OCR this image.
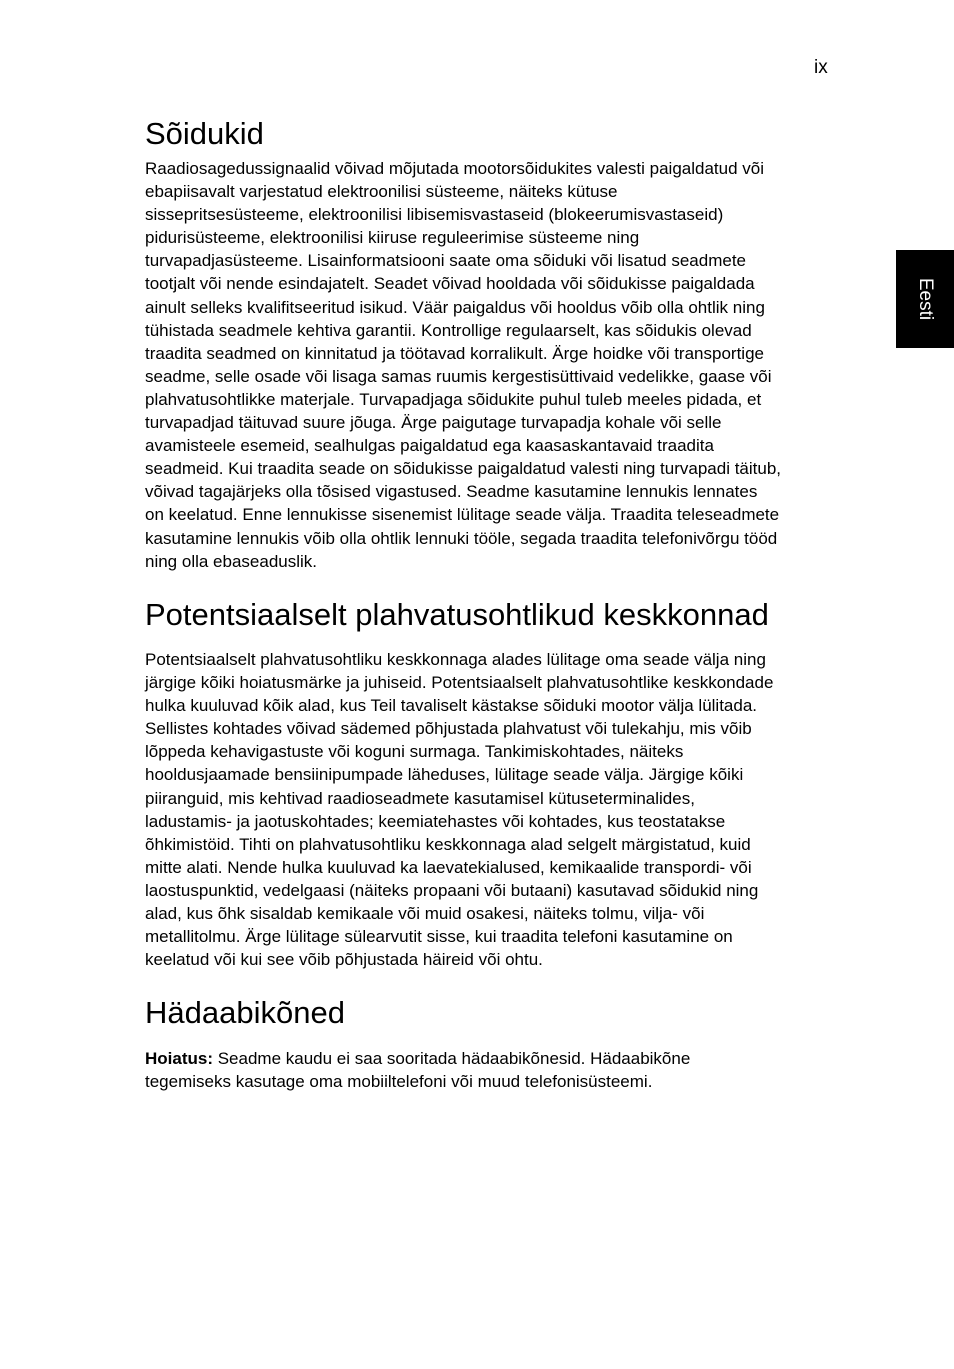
ix
Eesti
Sõidukid

Raadiosagedussignaalid võivad mõjutada mootorsõidukites valesti paigaldatud või
ebapiisavalt varjestatud elektroonilisi süsteeme, näiteks kütuse
sissepritsesüsteeme, elektroonilisi libisemisvastaseid (blokeerumisvastaseid)
pidurisüsteeme, elektroonilisi kiiruse reguleerimise süsteeme ning
turvapadjasüsteeme. Lisainformatsiooni saate oma sõiduki või lisatud seadmete
tootjalt või nende esindajatelt. Seadet võivad hooldada või sõidukisse paigaldada
ainult selleks kvalifitseeritud isikud. Väär paigaldus või hooldus võib olla ohtlik ning
tühistada seadmele kehtiva garantii. Kontrollige regulaarselt, kas sõidukis olevad
traadita seadmed on kinnitatud ja töötavad korralikult. Ärge hoidke või transportige
seadme, selle osade või lisaga samas ruumis kergestisüttivaid vedelikke, gaase või
plahvatusohtlikke materjale. Turvapadjaga sõidukite puhul tuleb meeles pidada, et
turvapadjad täituvad suure jõuga. Ärge paigutage turvapadja kohale või selle
avamisteele esemeid, sealhulgas paigaldatud ega kaasaskantavaid traadita
seadmeid. Kui traadita seade on sõidukisse paigaldatud valesti ning turvapadi täitub,
võivad tagajärjeks olla tõsised vigastused. Seadme kasutamine lennukis lennates
on keelatud. Enne lennukisse sisenemist lülitage seade välja. Traadita teleseadmete
kasutamine lennukis võib olla ohtlik lennuki tööle, segada traadita telefonivõrgu tööd
ning olla ebaseaduslik.

Potentsiaalselt plahvatusohtlikud keskkonnad

Potentsiaalselt plahvatusohtliku keskkonnaga alades lülitage oma seade välja ning
järgige kõiki hoiatusmärke ja juhiseid. Potentsiaalselt plahvatusohtlike keskkondade
hulka kuuluvad kõik alad, kus Teil tavaliselt kästakse sõiduki mootor välja lülitada.
Sellistes kohtades võivad sädemed põhjustada plahvatust või tulekahju, mis võib
lõppeda kehavigastuste või koguni surmaga. Tankimiskohtades, näiteks
hooldusjaamade bensiinipumpade läheduses, lülitage seade välja. Järgige kõiki
piiranguid, mis kehtivad raadioseadmete kasutamisel kütuseterminalides,
ladustamis- ja jaotuskohtades; keemiatehastes või kohtades, kus teostatakse
õhkimistöid. Tihti on plahvatusohtliku keskkonnaga alad selgelt märgistatud, kuid
mitte alati. Nende hulka kuuluvad ka laevatekialused, kemikaalide transpordi- või
laostuspunktid, vedelgaasi (näiteks propaani või butaani) kasutavad sõidukid ning
alad, kus õhk sisaldab kemikaale või muid osakesi, näiteks tolmu, vilja- või
metallitolmu. Ärge lülitage sülearvutit sisse, kui traadita telefoni kasutamine on
keelatud või kui see võib põhjustada häireid või ohtu.

Hädaabikõned

Hoiatus: Seadme kaudu ei saa sooritada hädaabikõnesid. Hädaabikõne
tegemiseks kasutage oma mobiiltelefoni või muud telefonisüsteemi.
